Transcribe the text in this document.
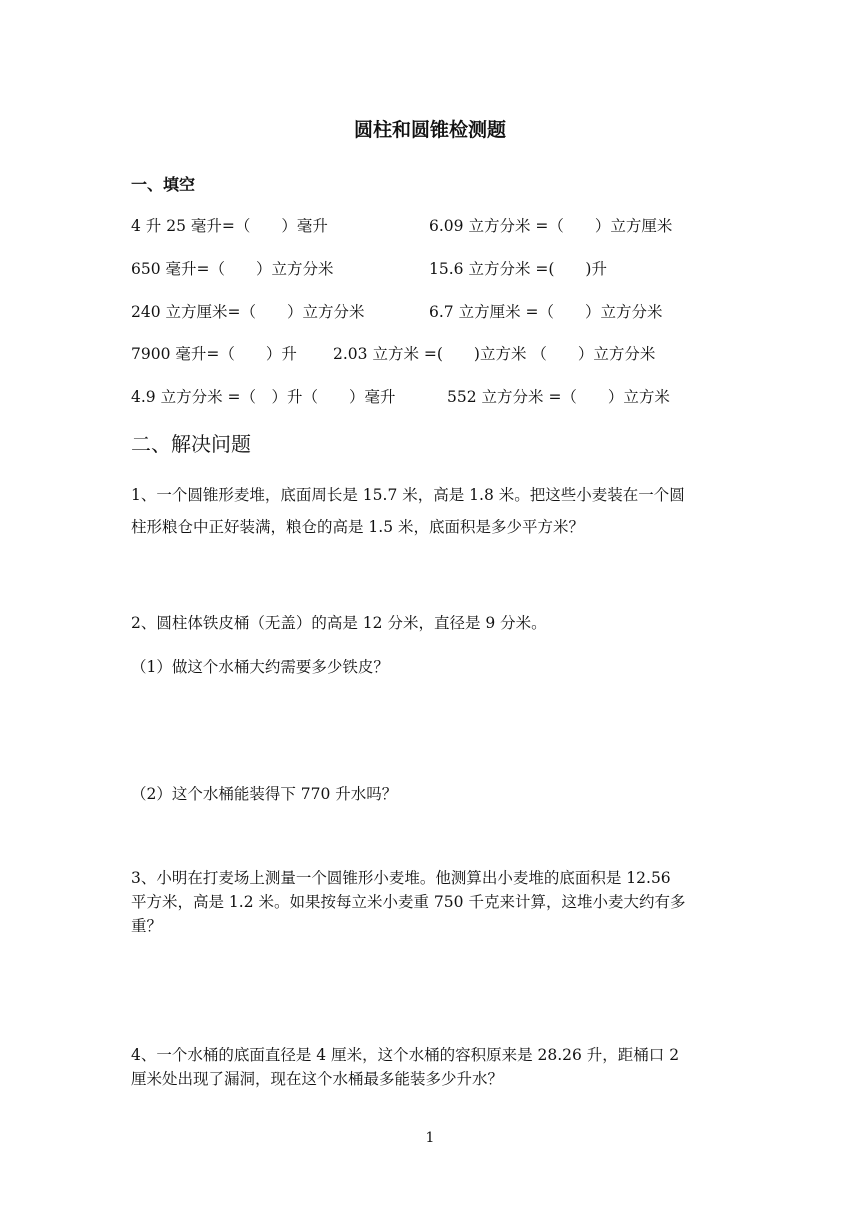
圆柱和圆锥检测题
一、填空
4 升 25 毫升=（　　）毫升	6.09 立方分米 =（　　）立方厘米
650 毫升=（　　）立方分米	15.6 立方分米 =(　　)升
240 立方厘米=（　　）立方分米	6.7 立方厘米 =（　　）立方分米
7900 毫升=（　　）升 2.03 立方米 =(　　)立方米 （　　）立方分米
4.9 立方分米 =（　）升（　　）毫升	552 立方分米 =（　　）立方米
二、解决问题
1、一个圆锥形麦堆，底面周长是 15.7 米，高是 1.8 米。把这些小麦装在一个圆
柱形粮仓中正好装满，粮仓的高是 1.5 米，底面积是多少平方米？
2、圆柱体铁皮桶（无盖）的高是 12 分米，直径是 9 分米。
（1）做这个水桶大约需要多少铁皮？
（2）这个水桶能装得下 770 升水吗？
3、小明在打麦场上测量一个圆锥形小麦堆。他测算出小麦堆的底面积是 12.56
平方米，高是 1.2 米。如果按每立米小麦重 750 千克来计算，这堆小麦大约有多
重？
4、一个水桶的底面直径是 4 厘米，这个水桶的容积原来是 28.26 升，距桶口 2
厘米处出现了漏洞，现在这个水桶最多能装多少升水？
1
